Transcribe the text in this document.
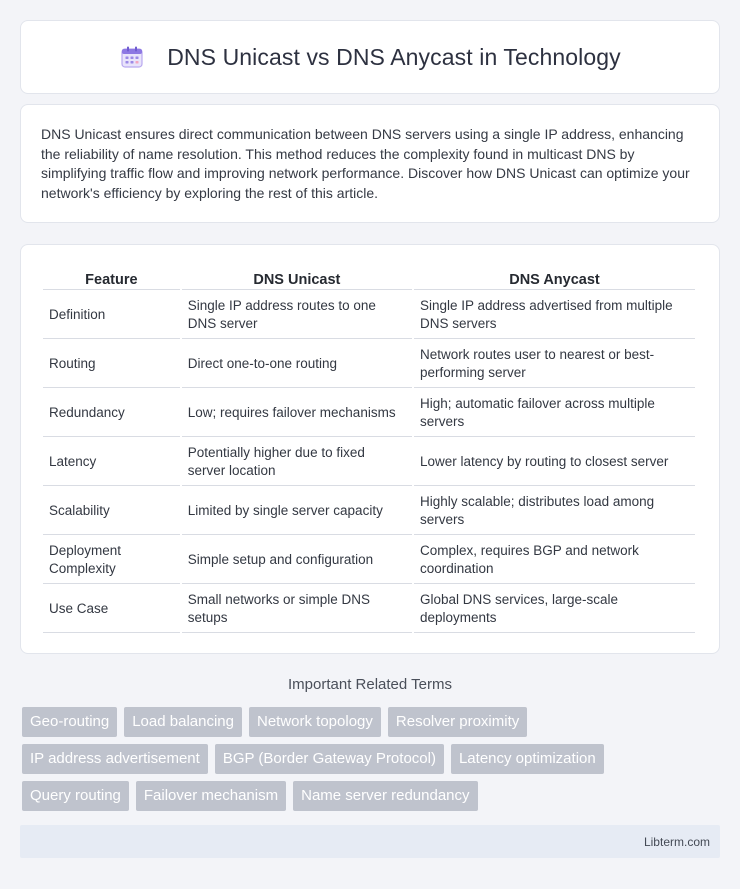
DNS Unicast vs DNS Anycast in Technology

DNS Unicast ensures direct communication between DNS servers using a single IP address, enhancing the reliability of name resolution. This method reduces the complexity found in multicast DNS by simplifying traffic flow and improving network performance. Discover how DNS Unicast can optimize your network's efficiency by exploring the rest of this article.

Feature	DNS Unicast	DNS Anycast
Definition	Single IP address routes to one DNS server	Single IP address advertised from multiple DNS servers
Routing	Direct one-to-one routing	Network routes user to nearest or best-performing server
Redundancy	Low; requires failover mechanisms	High; automatic failover across multiple servers
Latency	Potentially higher due to fixed server location	Lower latency by routing to closest server
Scalability	Limited by single server capacity	Highly scalable; distributes load among servers
Deployment Complexity	Simple setup and configuration	Complex, requires BGP and network coordination
Use Case	Small networks or simple DNS setups	Global DNS services, large-scale deployments
Important Related Terms
Geo-routing	Load balancing	Network topology	Resolver proximity
IP address advertisement	BGP (Border Gateway Protocol)	Latency optimization
Query routing	Failover mechanism	Name server redundancy
Libterm.com
